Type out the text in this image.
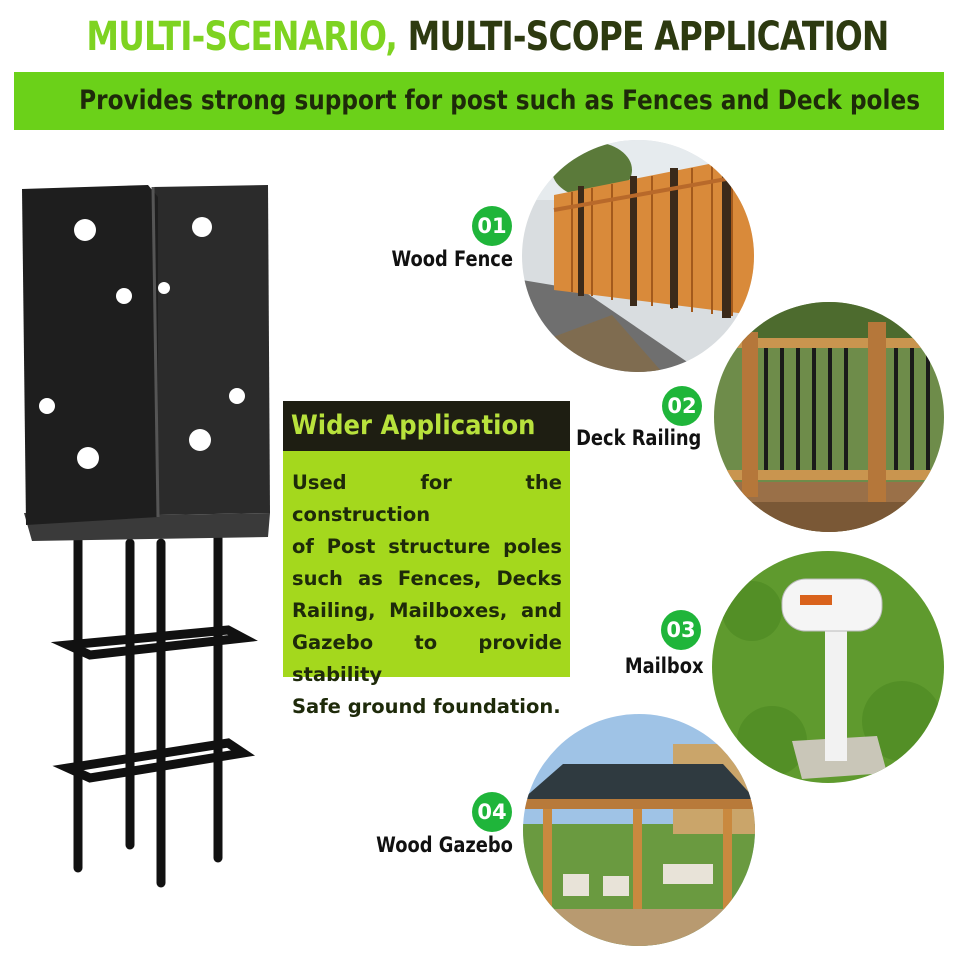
MULTI-SCENARIO, MULTI-SCOPE APPLICATION
Provides strong support for post such as Fences and Deck poles
Wider Application
Used for the construction
of Post structure poles
such as Fences, Decks
Railing, Mailboxes, and
Gazebo to provide stability
Safe ground foundation.
01
Wood Fence
02
Deck Railing
03
Mailbox
04
Wood Gazebo
